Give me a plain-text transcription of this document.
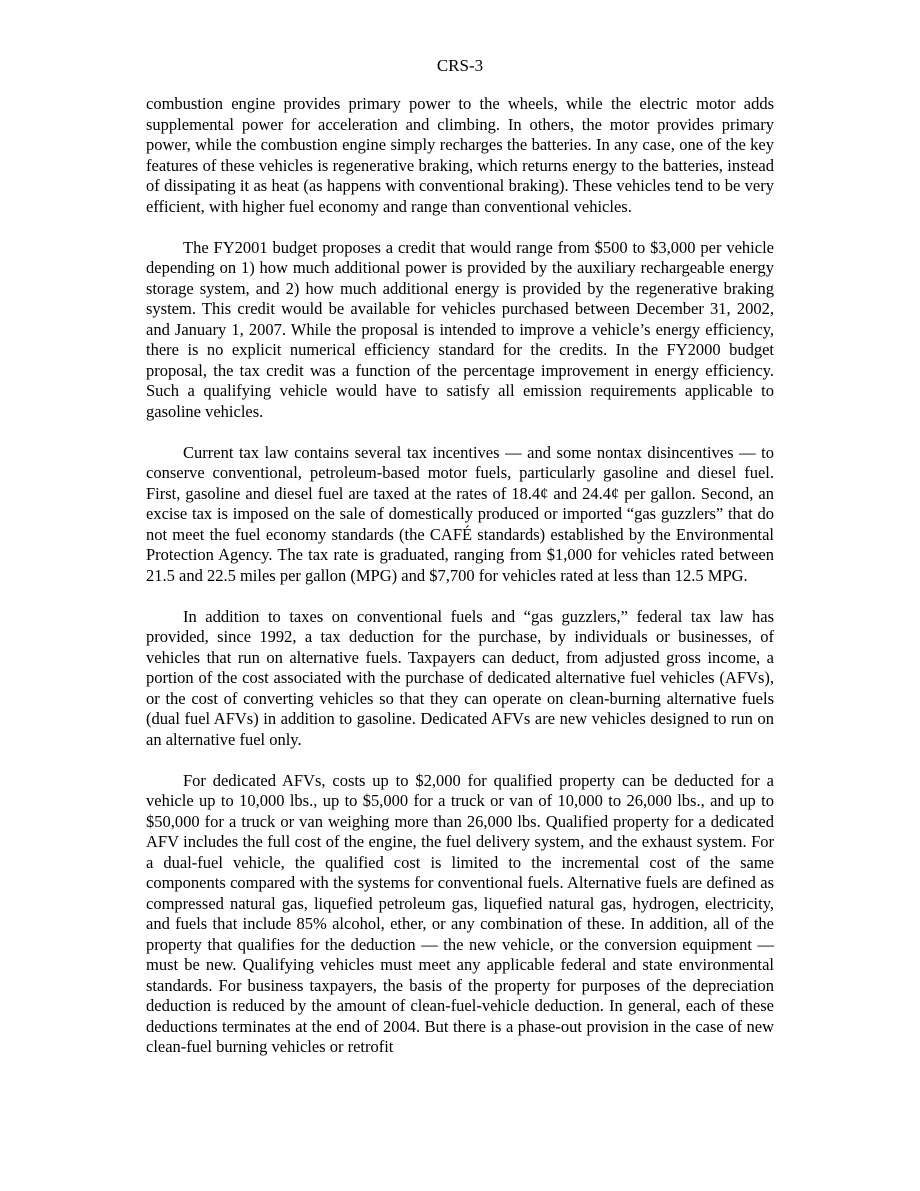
CRS-3

combustion engine provides primary power to the wheels, while the electric motor adds supplemental power for acceleration and climbing. In others, the motor provides primary power, while the combustion engine simply recharges the batteries. In any case, one of the key features of these vehicles is regenerative braking, which returns energy to the batteries, instead of dissipating it as heat (as happens with conventional braking). These vehicles tend to be very efficient, with higher fuel economy and range than conventional vehicles.

The FY2001 budget proposes a credit that would range from $500 to $3,000 per vehicle depending on 1) how much additional power is provided by the auxiliary rechargeable energy storage system, and 2) how much additional energy is provided by the regenerative braking system. This credit would be available for vehicles purchased between December 31, 2002, and January 1, 2007. While the proposal is intended to improve a vehicle’s energy efficiency, there is no explicit numerical efficiency standard for the credits. In the FY2000 budget proposal, the tax credit was a function of the percentage improvement in energy efficiency. Such a qualifying vehicle would have to satisfy all emission requirements applicable to gasoline vehicles.

Current tax law contains several tax incentives — and some nontax disincentives — to conserve conventional, petroleum-based motor fuels, particularly gasoline and diesel fuel. First, gasoline and diesel fuel are taxed at the rates of 18.4¢ and 24.4¢ per gallon. Second, an excise tax is imposed on the sale of domestically produced or imported “gas guzzlers” that do not meet the fuel economy standards (the CAFÉ standards) established by the Environmental Protection Agency. The tax rate is graduated, ranging from $1,000 for vehicles rated between 21.5 and 22.5 miles per gallon (MPG) and $7,700 for vehicles rated at less than 12.5 MPG.

In addition to taxes on conventional fuels and “gas guzzlers,” federal tax law has provided, since 1992, a tax deduction for the purchase, by individuals or businesses, of vehicles that run on alternative fuels. Taxpayers can deduct, from adjusted gross income, a portion of the cost associated with the purchase of dedicated alternative fuel vehicles (AFVs), or the cost of converting vehicles so that they can operate on clean-burning alternative fuels (dual fuel AFVs) in addition to gasoline. Dedicated AFVs are new vehicles designed to run on an alternative fuel only.

For dedicated AFVs, costs up to $2,000 for qualified property can be deducted for a vehicle up to 10,000 lbs., up to $5,000 for a truck or van of 10,000 to 26,000 lbs., and up to $50,000 for a truck or van weighing more than 26,000 lbs. Qualified property for a dedicated AFV includes the full cost of the engine, the fuel delivery system, and the exhaust system. For a dual-fuel vehicle, the qualified cost is limited to the incremental cost of the same components compared with the systems for conventional fuels. Alternative fuels are defined as compressed natural gas, liquefied petroleum gas, liquefied natural gas, hydrogen, electricity, and fuels that include 85% alcohol, ether, or any combination of these. In addition, all of the property that qualifies for the deduction — the new vehicle, or the conversion equipment — must be new. Qualifying vehicles must meet any applicable federal and state environmental standards. For business taxpayers, the basis of the property for purposes of the depreciation deduction is reduced by the amount of clean-fuel-vehicle deduction. In general, each of these deductions terminates at the end of 2004. But there is a phase-out provision in the case of new clean-fuel burning vehicles or retrofit
